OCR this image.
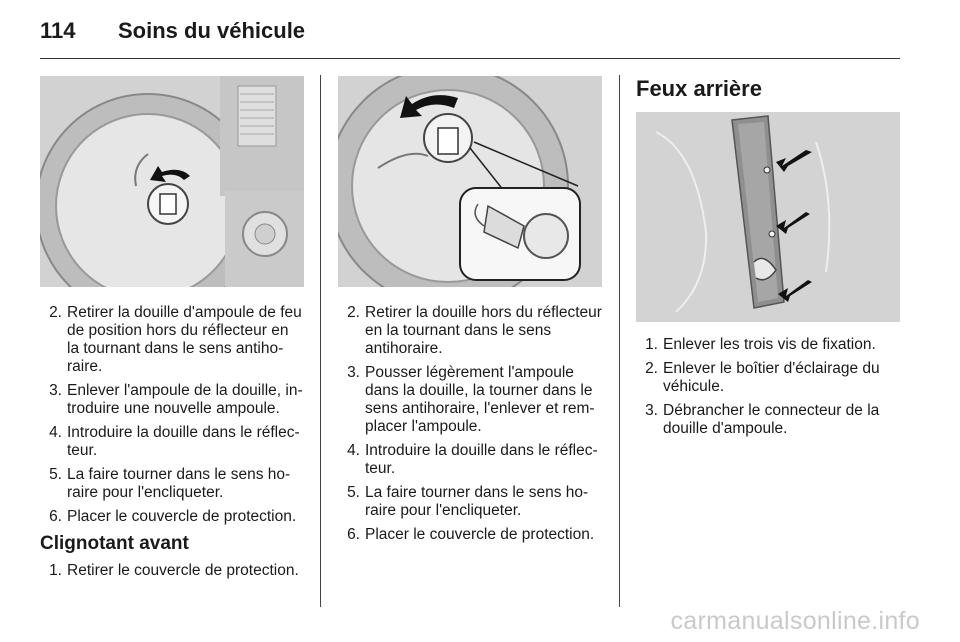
114	Soins du véhicule
2. Retirer la douille d'ampoule de feu de position hors du réflecteur en la tournant dans le sens antihoraire.
3. Enlever l'ampoule de la douille, introduire une nouvelle ampoule.
4. Introduire la douille dans le réflecteur.
5. La faire tourner dans le sens horaire pour l'encliqueter.
6. Placer le couvercle de protection.
Clignotant avant
1. Retirer le couvercle de protection.
2. Retirer la douille hors du réflecteur en la tournant dans le sens antihoraire.
3. Pousser légèrement l'ampoule dans la douille, la tourner dans le sens antihoraire, l'enlever et remplacer l'ampoule.
4. Introduire la douille dans le réflecteur.
5. La faire tourner dans le sens horaire pour l'encliqueter.
6. Placer le couvercle de protection.
Feux arrière
1. Enlever les trois vis de fixation.
2. Enlever le boîtier d'éclairage du véhicule.
3. Débrancher le connecteur de la douille d'ampoule.
carmanualsonline.info
